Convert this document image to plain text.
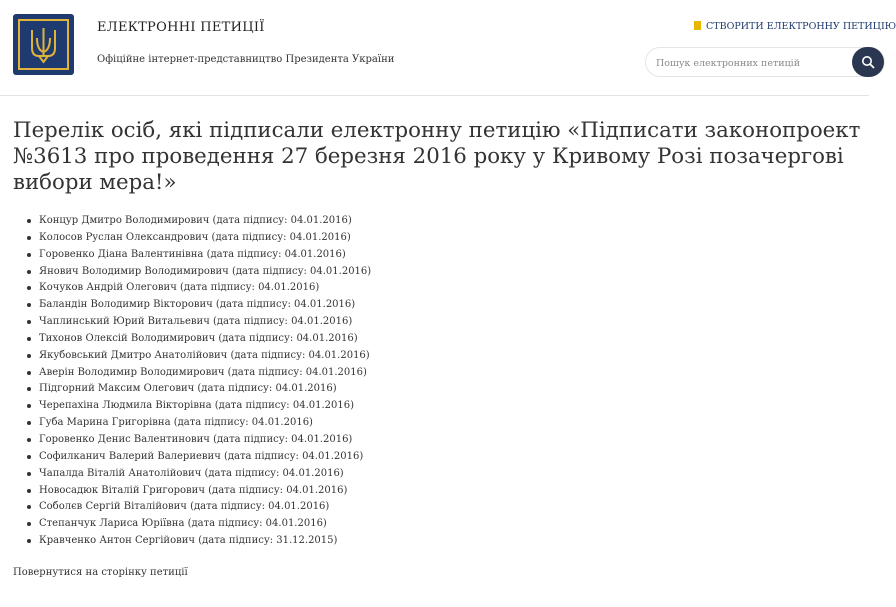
ЕЛЕКТРОННІ ПЕТИЦІЇ
Офіційне інтернет-представництво Президента України
СТВОРИТИ ЕЛЕКТРОННУ ПЕТИЦІЮ
Пошук електронних петицій
Перелік осіб, які підписали електронну петицію «Підписати законопроект №3613 про проведення 27 березня 2016 року у Кривому Розі позачергові вибори мера!»
Концур Дмитро Володимирович (дата підпису: 04.01.2016)
Колосов Руслан Олександрович (дата підпису: 04.01.2016)
Горовенко Діана Валентинівна (дата підпису: 04.01.2016)
Янович Володимир Володимирович (дата підпису: 04.01.2016)
Кочуков Андрій Олегович (дата підпису: 04.01.2016)
Баландін Володимир Вікторович (дата підпису: 04.01.2016)
Чаплинський Юрий Витальевич (дата підпису: 04.01.2016)
Тихонов Олексій Володимирович (дата підпису: 04.01.2016)
Якубовський Дмитро Анатолійович (дата підпису: 04.01.2016)
Аверін Володимир Володимирович (дата підпису: 04.01.2016)
Підгорний Максим Олегович (дата підпису: 04.01.2016)
Черепахіна Людмила Вікторівна (дата підпису: 04.01.2016)
Губа Марина Григорівна (дата підпису: 04.01.2016)
Горовенко Денис Валентинович (дата підпису: 04.01.2016)
Софилканич Валерий Валериевич (дата підпису: 04.01.2016)
Чапалда Віталій Анатолійович (дата підпису: 04.01.2016)
Новосадюк Віталій Григорович (дата підпису: 04.01.2016)
Соболєв Сергій Віталійович (дата підпису: 04.01.2016)
Степанчук Лариса Юріївна (дата підпису: 04.01.2016)
Кравченко Антон Сергійович (дата підпису: 31.12.2015)
Повернутися на сторінку петиції
